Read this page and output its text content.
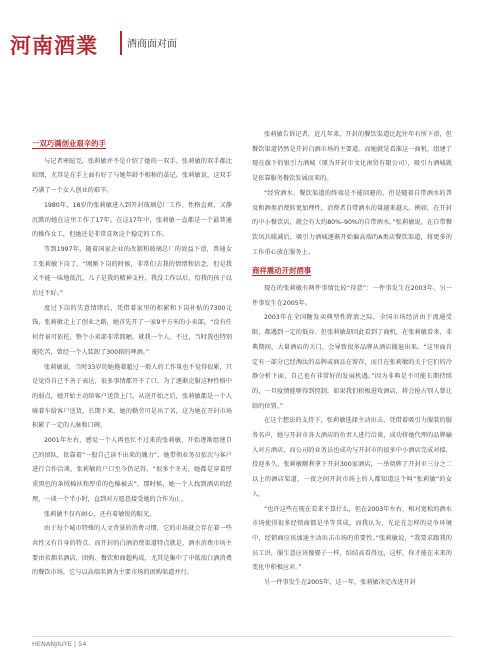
河南酒業	酒商面对面

一双巧满创业艰辛的手

与记者寒暄完，张莉敏并不是介绍了她的一双手。张莉敏的双手都比较细，尤其是在手上面有好了与她年龄不相称的茧记。张莉敏说，这双手巧满了一个女人创业的艰辛。

1980年，18岁的张莉敏进入到开封玻璃总厂工作。性格直爽、又静沉默的她在这里工作了17年。在这17年中，张莉敏一直都是一个最普通的操作女工，但她还是非常喜欢这个稳定的工作。

等到1997年，随着国家企业的改制和玻璃总厂的效益下滑，普通女工张莉敏下岗了。“刚刚下岗的时候，非常们去我的情绪和信念，但是我又不能一味地低沉，儿子是我的精神支柱，我没工作以后，恰我的孩子以后过不好。”

度过下岗的失意情绪后，凭借着家里的积累和下岗补贴的7300元钱，张莉敏走上了创业之路，她首先开了一家9平方米的小卖部，“没有任何背景可依托，整个小卖部非常简陋，就我一个人。不过，当时我也特别能吃苦，曾经一个人装卸了300箱的啤酒。”

张莉敏说，当时33岁的她拖着超过一般人的工作量也不觉得很累，只是觉得自己不善于表达，很多事情都开不了口。为了逐渐克服这种性格中的弱点，她开始主动给客户送货上门，从送开始之后，张莉敏都是一个人骑着车给客户送货，长期下来，她的勤劳可是出了名，这为她在开封市场积累了一定的人脉和口碑。

2001年左右，感觉一个人再也忙不过来的张莉敏，开始逐渐组建自己的团队，依靠着“一股自己读不出来的魄力”，她带领业务员依次与客户进行合作洽谈，张莉敏的户口至今仍记得，“很多个冬天，她都是穿着厚重黑色的条绒棉袄和厚重的色棉被去”，那时候，她一个人找到酒店的经理，一谈一个半小时，直到对方愿意接受她的合作为止。

张莉敏不仅有耐心，还有着敏锐的眼光。

由于每个城市特殊的人文背景的消费习惯，它的市场就会存在着一些共性又有自身的特点。而开封的白酒消费渠道特点就是，酒水消费市场主要由名烟名酒店，团购、餐饮和商超构成，尤其是集中了中低端白酒消费的餐饮市场，它与以高端名酒为主要市场的团购渠道并行。

张莉敏告诉记者，近几年来，开封的餐饮渠道比起往年有所下滑，但餐饮渠道仍然是开封白酒市场的主要道。而她就是看准这一商机，组建了现在旗下的银引力酒城（原为开封市文化南贸有限公司），吸引力酒城就是依靠服务餐饮发展而来的。

“经营酒水、餐饮渠道的终端是不能回避的，但是随着自带酒水的普及和酒类消费转更加理性，消费者自带酒水的量越来越大。例如，在开封的中小餐饮店，就会有大约80%–90%的自带酒水。”张莉敏说。在自带餐饮风兵暖减后，吸引力酒城逐渐开始偏高端的A类店餐饮渠道，将更多的工作重心放在服务上。

商祥震动开封酒事

现在的张莉敏有两件事情比较“得意”：一件事发生在2003年，另一件事发生在2005年。

2003年在全国糖发卖典型性降浪之际，全国市场经济由于流通受限，都遇到一定的低谷。但张莉敏却因此看到了商机，在张莉敏看来，非典期间，大量酒店的关门，会导致很多品牌从酒店撤退出来。“这里面肯定有一部分已经淘汰的品牌或商品在留存，而且在张莉敏的关于它们的冷静分析下面，自己也有非常好的发展机遇。”因为非典是不可能长期持续的，一旦疫情能够得到控制，如果我们积极进攻酒店，将会抢占别人曾让给的位置。”

在这个想法的支持下，张莉敏选择主动出击，凭借着吸引力服装的服务名声，她与开封市各大酒店的负责人进行洽谈，成功将她代理的品牌输入对方酒店，而公司的业务员也成功与开封市的很多中小酒店完成对接，投迎多久，张莉敏顺利拿下开封300家酒店，一举奠牌了开封市三分之二以上的酒店渠道，一夜之间开封市场上的人都知道这个叫“张莉敏”的女人。

“也许这些在现在看来不算什么，但在2003年左右，相对宽松的酒水市场使得很多经销商都是坐等其成，而我认为，光论在怎样的竞争环境中，经销商应该加速主动出击市场的重要性。”张莉敏说，“我要求跟我的员工讲，服生意应该像娶子一样，结结高看得远，这样，你才能在未来的变化中积极应对。”

另一件事发生在2005年，这一年，张莉敏决定改进开封

HENANJIUYE | 54
